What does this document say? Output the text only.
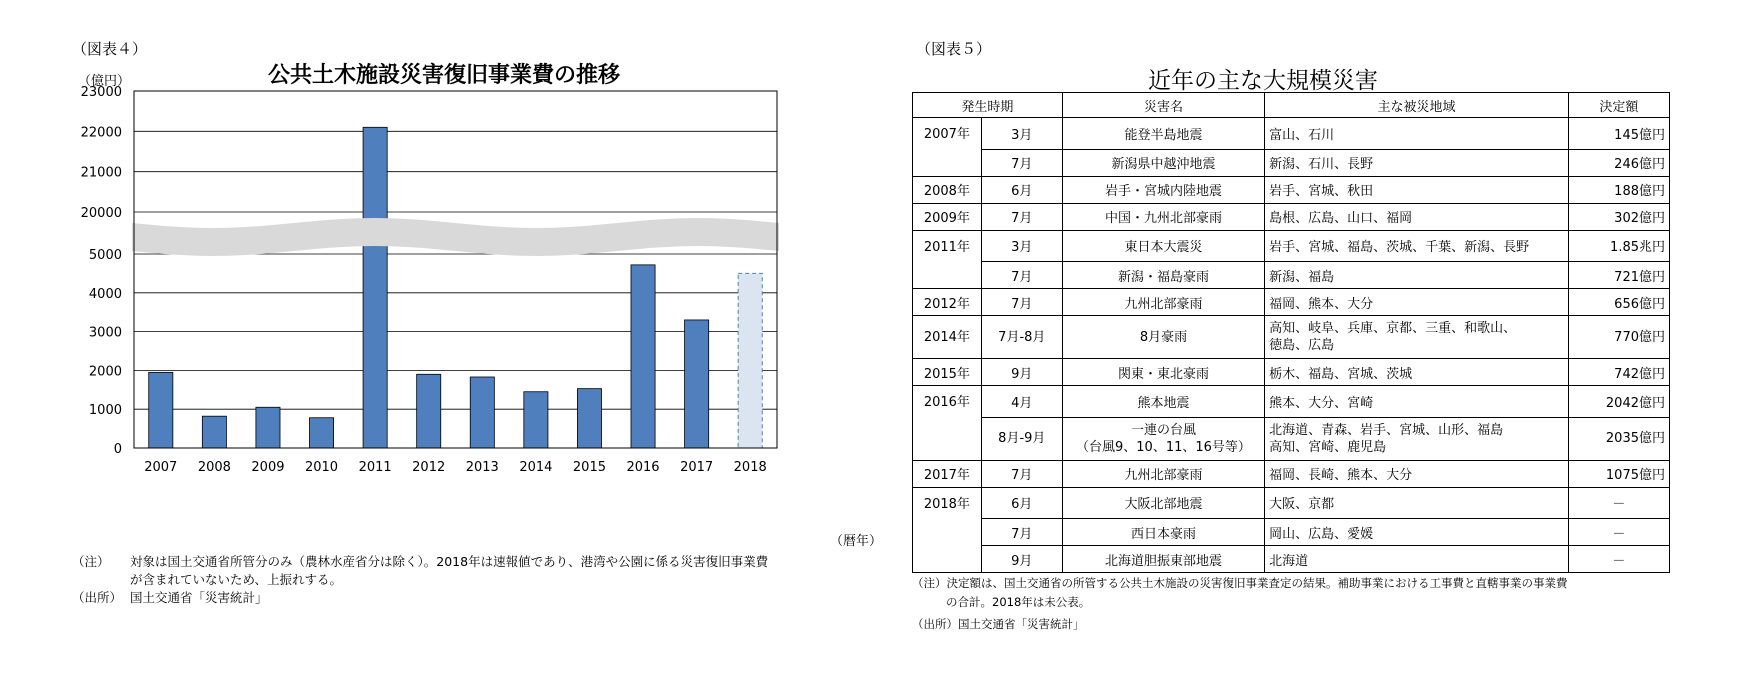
（図表４）
公共土木施設災害復旧事業費の推移
（億円）
0
1000
2000
3000
4000
5000
20000
21000
22000
23000
2007 2008 2009 2010 2011 2012 2013 2014 2015 2016 2017 2018
（暦年）
（注） 対象は国土交通省所管分のみ（農林水産省分は除く）。2018年は速報値であり、港湾や公園に係る災害復旧事業費
が含まれていないため、上振れする。
（出所） 国土交通省「災害統計」
（図表５）
近年の主な大規模災害
発生時期		災害名	主な被災地域	決定額
2007年	3月	能登半島地震	富山、石川	145億円
	7月	新潟県中越沖地震	新潟、石川、長野	246億円
2008年	6月	岩手・宮城内陸地震	岩手、宮城、秋田	188億円
2009年	7月	中国・九州北部豪雨	島根、広島、山口、福岡	302億円
2011年	3月	東日本大震災	岩手、宮城、福島、茨城、千葉、新潟、長野	1.85兆円
	7月	新潟・福島豪雨	新潟、福島	721億円
2012年	7月	九州北部豪雨	福岡、熊本、大分	656億円
2014年	7月-8月	8月豪雨	高知、岐阜、兵庫、京都、三重、和歌山、
徳島、広島	770億円
2015年	9月	関東・東北豪雨	栃木、福島、宮城、茨城	742億円
2016年	4月	熊本地震	熊本、大分、宮崎	2042億円
	8月-9月	一連の台風
（台風9、10、11、16号等）	北海道、青森、岩手、宮城、山形、福島
高知、宮崎、鹿児島	2035億円
2017年	7月	九州北部豪雨	福岡、長崎、熊本、大分	1075億円
2018年	6月	大阪北部地震	大阪、京都	－
	7月	西日本豪雨	岡山、広島、愛媛	－
	9月	北海道胆振東部地震	北海道	－
（注）決定額は、国土交通省の所管する公共土木施設の災害復旧事業査定の結果。補助事業における工事費と直轄事業の事業費
の合計。2018年は未公表。
（出所）国土交通省「災害統計」
